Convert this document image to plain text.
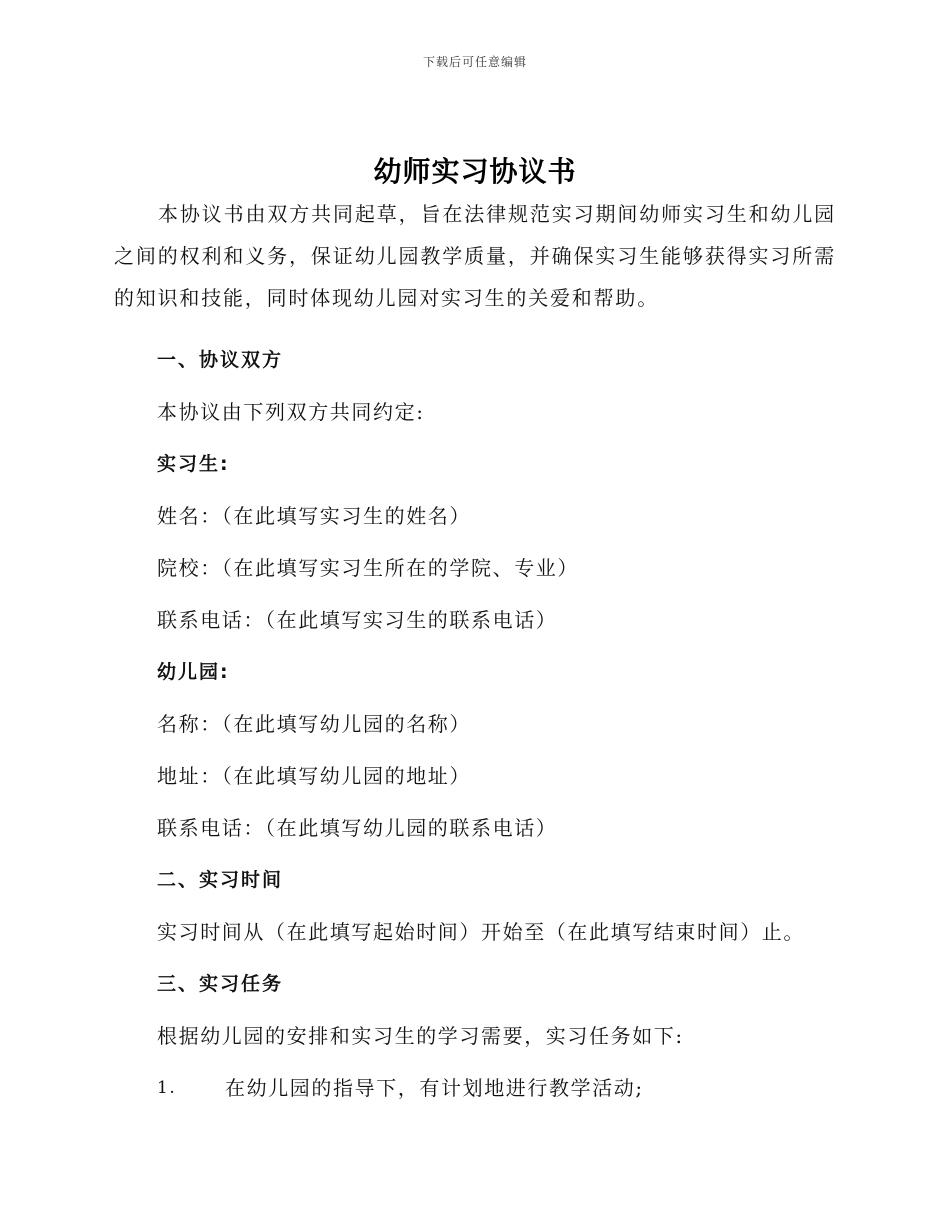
下载后可任意编辑
幼师实习协议书

本协议书由双方共同起草，旨在法律规范实习期间幼师实习生和幼儿园之间的权利和义务，保证幼儿园教学质量，并确保实习生能够获得实习所需的知识和技能，同时体现幼儿园对实习生的关爱和帮助。

一、协议双方

本协议由下列双方共同约定:

实习生:

姓名：（在此填写实习生的姓名）

院校：（在此填写实习生所在的学院、专业）

联系电话：（在此填写实习生的联系电话）

幼儿园:

名称：（在此填写幼儿园的名称）

地址：（在此填写幼儿园的地址）

联系电话：（在此填写幼儿园的联系电话）

二、实习时间

实习时间从（在此填写起始时间）开始至（在此填写结束时间）止。

三、实习任务

根据幼儿园的安排和实习生的学习需要，实习任务如下:

1.	在幼儿园的指导下，有计划地进行教学活动;
